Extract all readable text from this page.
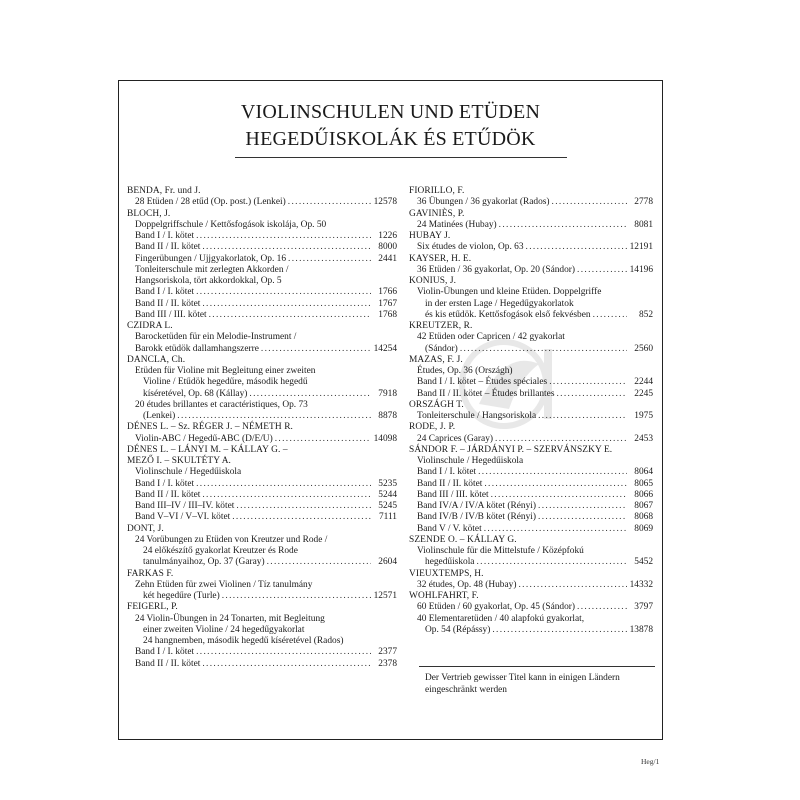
VIOLINSCHULEN UND ETÜDEN
HEGEDŰISKOLÁK ÉS ETŰDÖK
BENDA, Fr. und J.
28 Etüden / 28 etűd (Op. post.) (Lenkei) . . .	12578
BLOCH, J.
Doppelgriffschule / Kettősfogások iskolája, Op. 50
Band I / I. kötet . . .	1226
Band II / II. kötet . . .	8000
Fingerübungen / Ujjgyakorlatok, Op. 16 . . .	2441
Tonleiterschule mit zerlegten Akkorden /
Hangsoriskola, tört akkordokkal, Op. 5
Band I / I. kötet . . .	1766
Band II / II. kötet . . .	1767
Band III / III. kötet . . .	1768
CZIDRA L.
Barocketüden für ein Melodie-Instrument /
Barokk etüdök dallamhangszerre . . .	14254
DANCLA, Ch.
Etüden für Violine mit Begleitung einer zweiten
Violine / Etűdök hegedűre, második hegedű
kíséretével, Op. 68 (Kállay) . . .	7918
20 études brillantes et caractéristiques, Op. 73
(Lenkei) . . .	8878
DÉNES L. – Sz. RÉGER J. – NÉMETH R.
Violin-ABC / Hegedű-ABC (D/E/U) . . .	14098
DÉNES L. – LÁNYI M. – KÁLLAY G. –
MEZŐ I. – SKULTÉTY A.
Violinschule / Hegedűiskola
Band I / I. kötet . . .	5235
Band II / II. kötet . . .	5244
Band III–IV / III–IV. kötet . . .	5245
Band V–VI / V–VI. kötet . . .	7111
DONT, J.
24 Vorübungen zu Etüden von Kreutzer und Rode /
24 előkészítő gyakorlat Kreutzer és Rode
tanulmányaihoz, Op. 37 (Garay) . . .	2604
FARKAS F.
Zehn Etüden für zwei Violinen / Tíz tanulmány
két hegedűre (Turle) . . .	12571
FEIGERL, P.
24 Violin-Übungen in 24 Tonarten, mit Begleitung
einer zweiten Violine / 24 hegedűgyakorlat
24 hangnemben, második hegedű kíséretével (Rados)
Band I / I. kötet . . .	2377
Band II / II. kötet . . .	2378
FIORILLO, F.
36 Übungen / 36 gyakorlat (Rados) . . .	2778
GAVINIÈS, P.
24 Matinées (Hubay) . . .	8081
HUBAY J.
Six études de violon, Op. 63 . . .	12191
KAYSER, H. E.
36 Etüden / 36 gyakorlat, Op. 20 (Sándor) . . .	14196
KONIUS, J.
Violin-Übungen und kleine Etüden. Doppelgriffe
in der ersten Lage / Hegedűgyakorlatok
és kis etűdök. Kettősfogások első fekvésben . . .	852
KREUTZER, R.
42 Etüden oder Capricen / 42 gyakorlat
(Sándor) . . .	2560
MAZAS, F. J.
Études, Op. 36 (Országh)
Band I / I. kötet – Études spéciales . . .	2244
Band II / II. kötet – Études brillantes . . .	2245
ORSZÁGH T.
Tonleiterschule / Hangsoriskola . . .	1975
RODE, J. P.
24 Caprices (Garay) . . .	2453
SÁNDOR F. – JÁRDÁNYI P. – SZERVÁNSZKY E.
Violinschule / Hegedűiskola
Band I / I. kötet . . .	8064
Band II / II. kötet . . .	8065
Band III / III. kötet . . .	8066
Band IV/A / IV/A kötet (Rényi) . . .	8067
Band IV/B / IV/B kötet (Rényi) . . .	8068
Band V / V. kötet . . .	8069
SZENDE O. – KÁLLAY G.
Violinschule für die Mittelstufe / Középfokú
hegedűiskola . . .	5452
VIEUXTEMPS, H.
32 études, Op. 48 (Hubay) . . .	14332
WOHLFAHRT, F.
60 Etüden / 60 gyakorlat, Op. 45 (Sándor) . . .	3797
40 Elementaretüden / 40 alapfokú gyakorlat,
Op. 54 (Répássy) . . .	13878
Der Vertrieb gewisser Titel kann in einigen Ländern
eingeschränkt werden
Heg/1
